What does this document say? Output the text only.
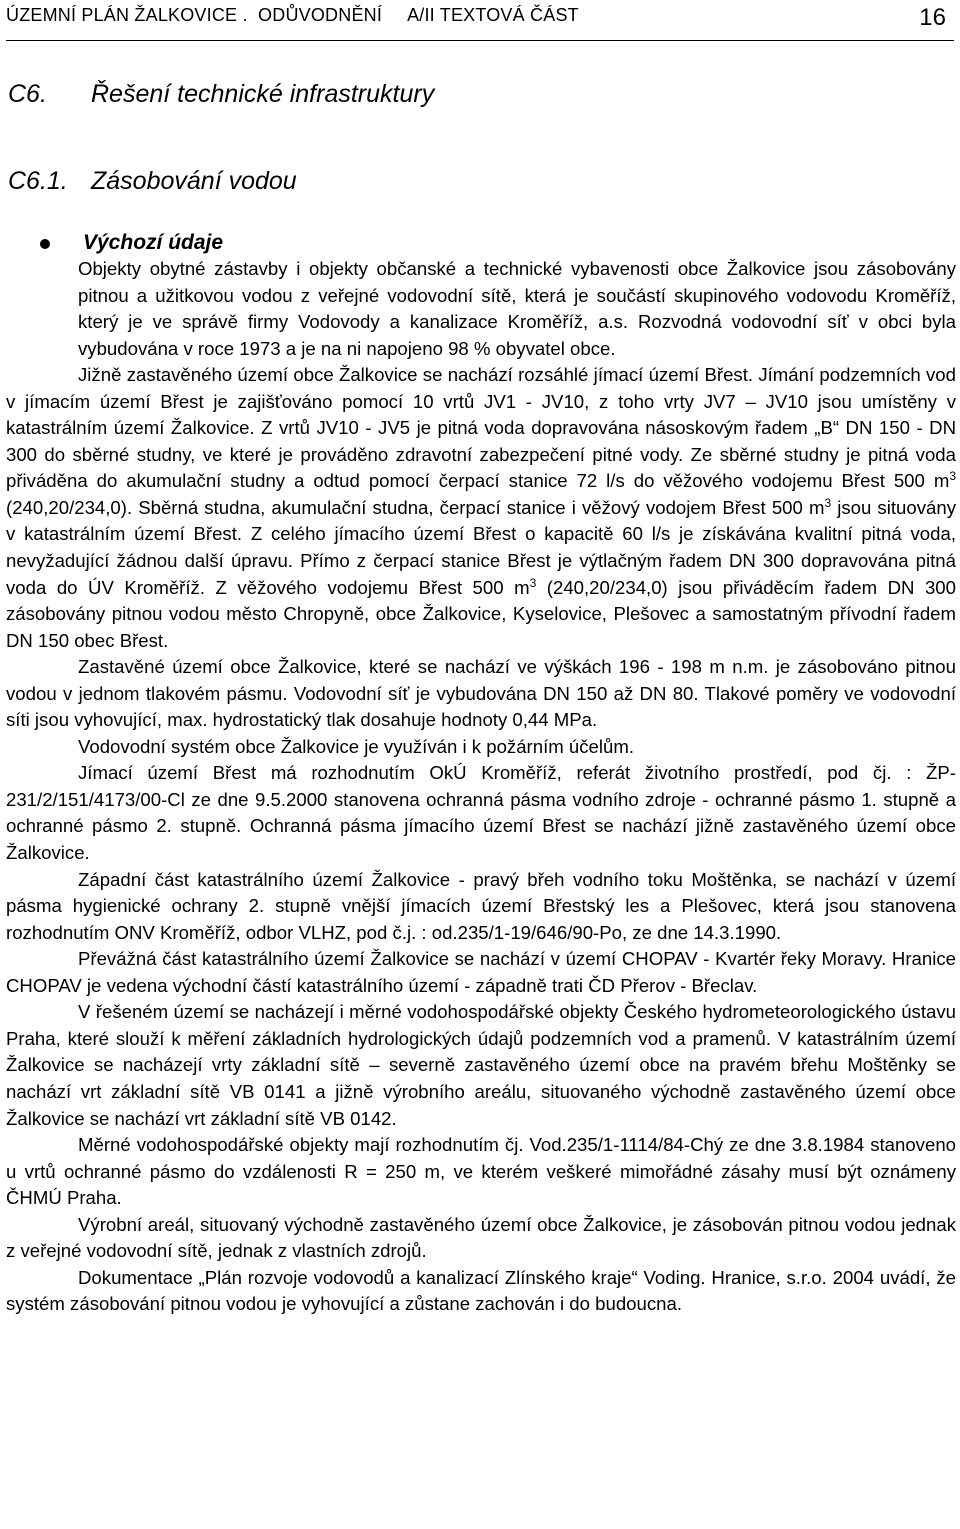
ÚZEMNÍ PLÁN ŽALKOVICE .  ODŮVODNĚNÍ     A/II TEXTOVÁ ČÁST	16
C6. Řešení technické infrastruktury
C6.1. Zásobování vodou
Výchozí údaje

Objekty obytné zástavby i objekty občanské a technické vybavenosti obce Žalkovice jsou zásobovány pitnou a užitkovou vodou z veřejné vodovodní sítě, která je součástí skupinového vodovodu Kroměříž, který je ve správě firmy Vodovody a kanalizace Kroměříž, a.s. Rozvodná vodovodní síť v obci byla vybudována v roce 1973 a je na ni napojeno 98 % obyvatel obce.

Jižně zastavěného území obce Žalkovice se nachází rozsáhlé jímací území Břest. Jímání podzemních vod v jímacím území Břest je zajišťováno pomocí 10 vrtů JV1 - JV10, z toho vrty JV7 – JV10 jsou umístěny v katastrálním území Žalkovice. Z vrtů JV10 - JV5 je pitná voda dopravována násoskovým řadem „B“ DN 150 - DN 300 do sběrné studny, ve které je prováděno zdravotní zabezpečení pitné vody. Ze sběrné studny je pitná voda přiváděna do akumulační studny a odtud pomocí čerpací stanice 72 l/s do věžového vodojemu Břest 500 $m^3$ (240,20/234,0). Sběrná studna, akumulační studna, čerpací stanice i věžový vodojem Břest 500 $m^3$ jsou situovány v katastrálním území Břest. Z celého jímacího území Břest o kapacitě 60 l/s je získávána kvalitní pitná voda, nevyžadující žádnou další úpravu. Přímo z čerpací stanice Břest je výtlačným řadem DN 300 dopravována pitná voda do ÚV Kroměříž. Z věžového vodojemu Břest 500 $m^3$ (240,20/234,0) jsou přiváděcím řadem DN 300 zásobovány pitnou vodou město Chropyně, obce Žalkovice, Kyselovice, Plešovec a samostatným přívodní řadem DN 150 obec Břest.

Zastavěné území obce Žalkovice, které se nachází ve výškách 196 - 198 m n.m. je zásobováno pitnou vodou v jednom tlakovém pásmu. Vodovodní síť je vybudována DN 150 až DN 80. Tlakové poměry ve vodovodní síti jsou vyhovující, max. hydrostatický tlak dosahuje hodnoty 0,44 MPa.

Vodovodní systém obce Žalkovice je využíván i k požárním účelům.

Jímací území Břest má rozhodnutím OkÚ Kroměříž, referát životního prostředí, pod čj. : ŽP-231/2/151/4173/00-Cl ze dne 9.5.2000 stanovena ochranná pásma vodního zdroje - ochranné pásmo 1. stupně a ochranné pásmo 2. stupně. Ochranná pásma jímacího území Břest se nachází jižně zastavěného území obce Žalkovice.

Západní část katastrálního území Žalkovice - pravý břeh vodního toku Moštěnka, se nachází v území pásma hygienické ochrany 2. stupně vnější jímacích území Břestský les a Plešovec, která jsou stanovena rozhodnutím ONV Kroměříž, odbor VLHZ, pod č.j. : od.235/1-19/646/90-Po, ze dne 14.3.1990.

Převážná část katastrálního území Žalkovice se nachází v území CHOPAV - Kvartér řeky Moravy. Hranice CHOPAV je vedena východní částí katastrálního území - západně trati ČD Přerov - Břeclav.

V řešeném území se nacházejí i měrné vodohospodářské objekty Českého hydrometeorologického ústavu Praha, které slouží k měření základních hydrologických údajů podzemních vod a pramenů. V katastrálním území Žalkovice se nacházejí vrty základní sítě – severně zastavěného území obce na pravém břehu Moštěnky se nachází vrt základní sítě VB 0141 a jižně výrobního areálu, situovaného východně zastavěného území obce Žalkovice se nachází vrt základní sítě VB 0142.

Měrné vodohospodářské objekty mají rozhodnutím čj. Vod.235/1-1114/84-Chý ze dne 3.8.1984 stanoveno u vrtů ochranné pásmo do vzdálenosti R = 250 m, ve kterém veškeré mimořádné zásahy musí být oznámeny ČHMÚ Praha.

Výrobní areál, situovaný východně zastavěného území obce Žalkovice, je zásobován pitnou vodou jednak z veřejné vodovodní sítě, jednak z vlastních zdrojů.

Dokumentace „Plán rozvoje vodovodů a kanalizací Zlínského kraje“ Voding. Hranice, s.r.o. 2004 uvádí, že systém zásobování pitnou vodou je vyhovující a zůstane zachován i do budoucna.
